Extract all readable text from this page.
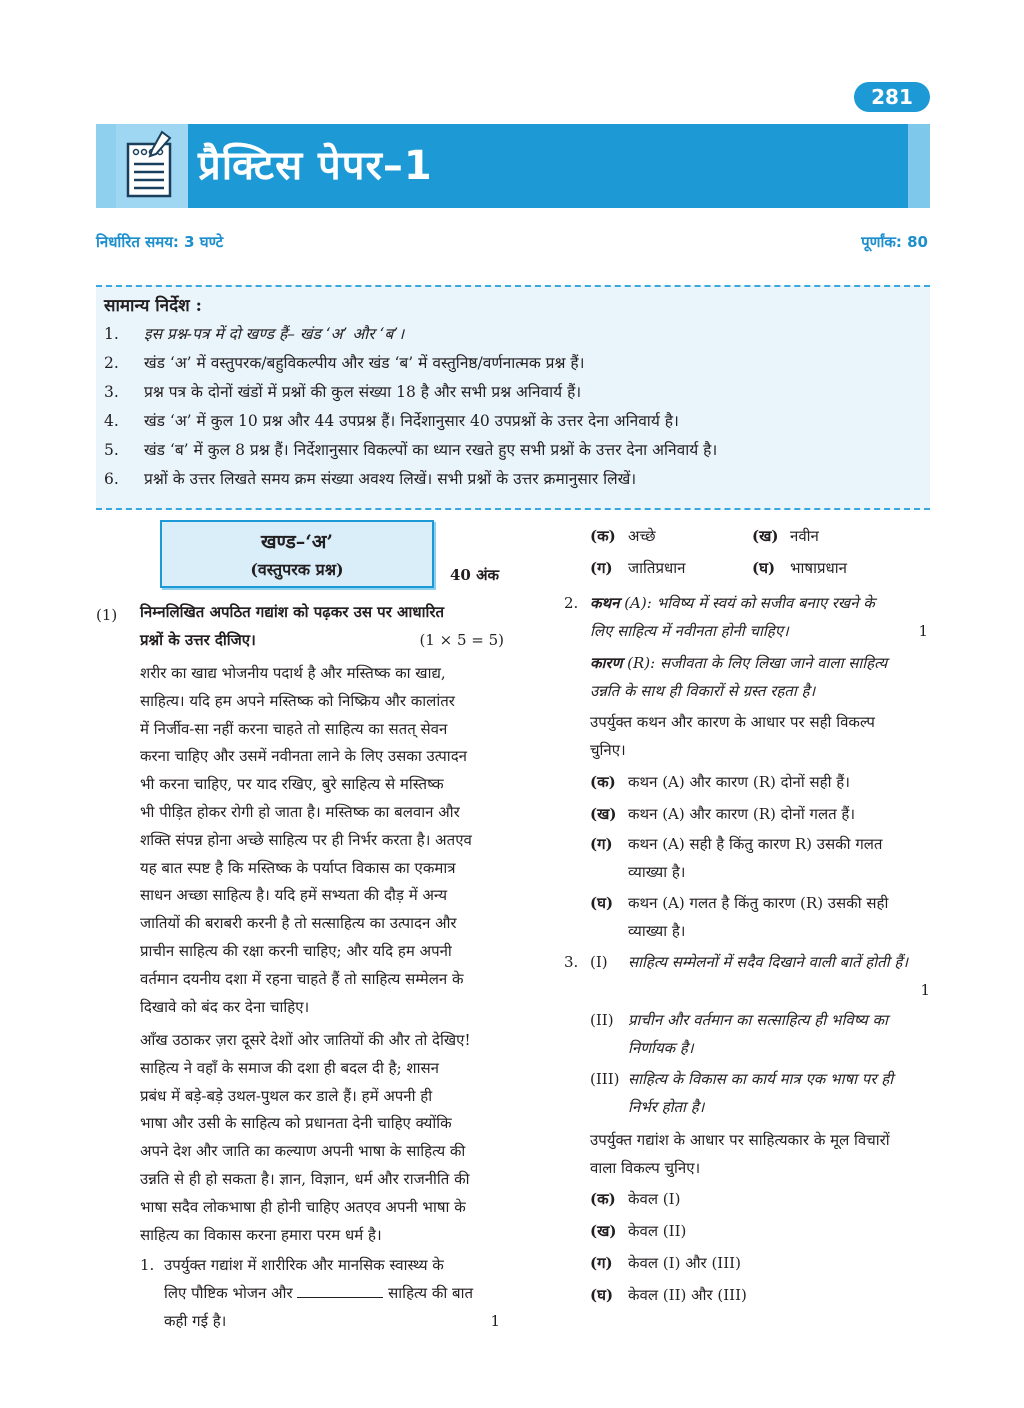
281
प्रैक्टिस पेपर–1
निर्धारित समय: 3 घण्टे	पूर्णांक: 80
सामान्य निर्देश :
1. इस प्रश्न-पत्र में दो खण्ड हैं– खंड ‘अ’ और ‘ब’।
2. खंड ‘अ’ में वस्तुपरक/बहुविकल्पीय और खंड ‘ब’ में वस्तुनिष्ठ/वर्णनात्मक प्रश्न हैं।
3. प्रश्न पत्र के दोनों खंडों में प्रश्नों की कुल संख्या 18 है और सभी प्रश्न अनिवार्य हैं।
4. खंड ‘अ’ में कुल 10 प्रश्न और 44 उपप्रश्न हैं। निर्देशानुसार 40 उपप्रश्नों के उत्तर देना अनिवार्य है।
5. खंड ‘ब’ में कुल 8 प्रश्न हैं। निर्देशानुसार विकल्पों का ध्यान रखते हुए सभी प्रश्नों के उत्तर देना अनिवार्य है।
6. प्रश्नों के उत्तर लिखते समय क्रम संख्या अवश्य लिखें। सभी प्रश्नों के उत्तर क्रमानुसार लिखें।
खण्ड–‘अ’
(वस्तुपरक प्रश्न)	40 अंक
(1) निम्नलिखित अपठित गद्यांश को पढ़कर उस पर आधारित
प्रश्नों के उत्तर दीजिए।	(1 × 5 = 5)
शरीर का खाद्य भोजनीय पदार्थ है और मस्तिष्क का खाद्य,
साहित्य। यदि हम अपने मस्तिष्क को निष्क्रिय और कालांतर
में निर्जीव-सा नहीं करना चाहते तो साहित्य का सतत् सेवन
करना चाहिए और उसमें नवीनता लाने के लिए उसका उत्पादन
भी करना चाहिए, पर याद रखिए, बुरे साहित्य से मस्तिष्क
भी पीड़ित होकर रोगी हो जाता है। मस्तिष्क का बलवान और
शक्ति संपन्न होना अच्छे साहित्य पर ही निर्भर करता है। अतएव
यह बात स्पष्ट है कि मस्तिष्क के पर्याप्त विकास का एकमात्र
साधन अच्छा साहित्य है। यदि हमें सभ्यता की दौड़ में अन्य
जातियों की बराबरी करनी है तो सत्साहित्य का उत्पादन और
प्राचीन साहित्य की रक्षा करनी चाहिए; और यदि हम अपनी
वर्तमान दयनीय दशा में रहना चाहते हैं तो साहित्य सम्मेलन के
दिखावे को बंद कर देना चाहिए।
आँख उठाकर ज़रा दूसरे देशों ओर जातियों की और तो देखिए!
साहित्य ने वहाँ के समाज की दशा ही बदल दी है; शासन
प्रबंध में बड़े-बड़े उथल-पुथल कर डाले हैं। हमें अपनी ही
भाषा और उसी के साहित्य को प्रधानता देनी चाहिए क्योंकि
अपने देश और जाति का कल्याण अपनी भाषा के साहित्य की
उन्नति से ही हो सकता है। ज्ञान, विज्ञान, धर्म और राजनीति की
भाषा सदैव लोकभाषा ही होनी चाहिए अतएव अपनी भाषा के
साहित्य का विकास करना हमारा परम धर्म है।
1. उपर्युक्त गद्यांश में शारीरिक और मानसिक स्वास्थ्य के
लिए पौष्टिक भोजन और	साहित्य की बात
कही गई है।	1
(क) अच्छे	(ख) नवीन
(ग) जातिप्रधान	(घ) भाषाप्रधान
2. कथन (A): भविष्य में स्वयं को सजीव बनाए रखने के
लिए साहित्य में नवीनता होनी चाहिए।	1
कारण (R): सजीवता के लिए लिखा जाने वाला साहित्य
उन्नति के साथ ही विकारों से ग्रस्त रहता है।
उपर्युक्त कथन और कारण के आधार पर सही विकल्प
चुनिए।
(क) कथन (A) और कारण (R) दोनों सही हैं।
(ख) कथन (A) और कारण (R) दोनों गलत हैं।
(ग) कथन (A) सही है किंतु कारण R) उसकी गलत
व्याख्या है।
(घ) कथन (A) गलत है किंतु कारण (R) उसकी सही
व्याख्या है।
3. (I) साहित्य सम्मेलनों में सदैव दिखाने वाली बातें होती हैं।
1
(II) प्राचीन और वर्तमान का सत्साहित्य ही भविष्य का
निर्णायक है।
(III) साहित्य के विकास का कार्य मात्र एक भाषा पर ही
निर्भर होता है।
उपर्युक्त गद्यांश के आधार पर साहित्यकार के मूल विचारों
वाला विकल्प चुनिए।
(क) केवल (I)
(ख) केवल (II)
(ग) केवल (I) और (III)
(घ) केवल (II) और (III)
